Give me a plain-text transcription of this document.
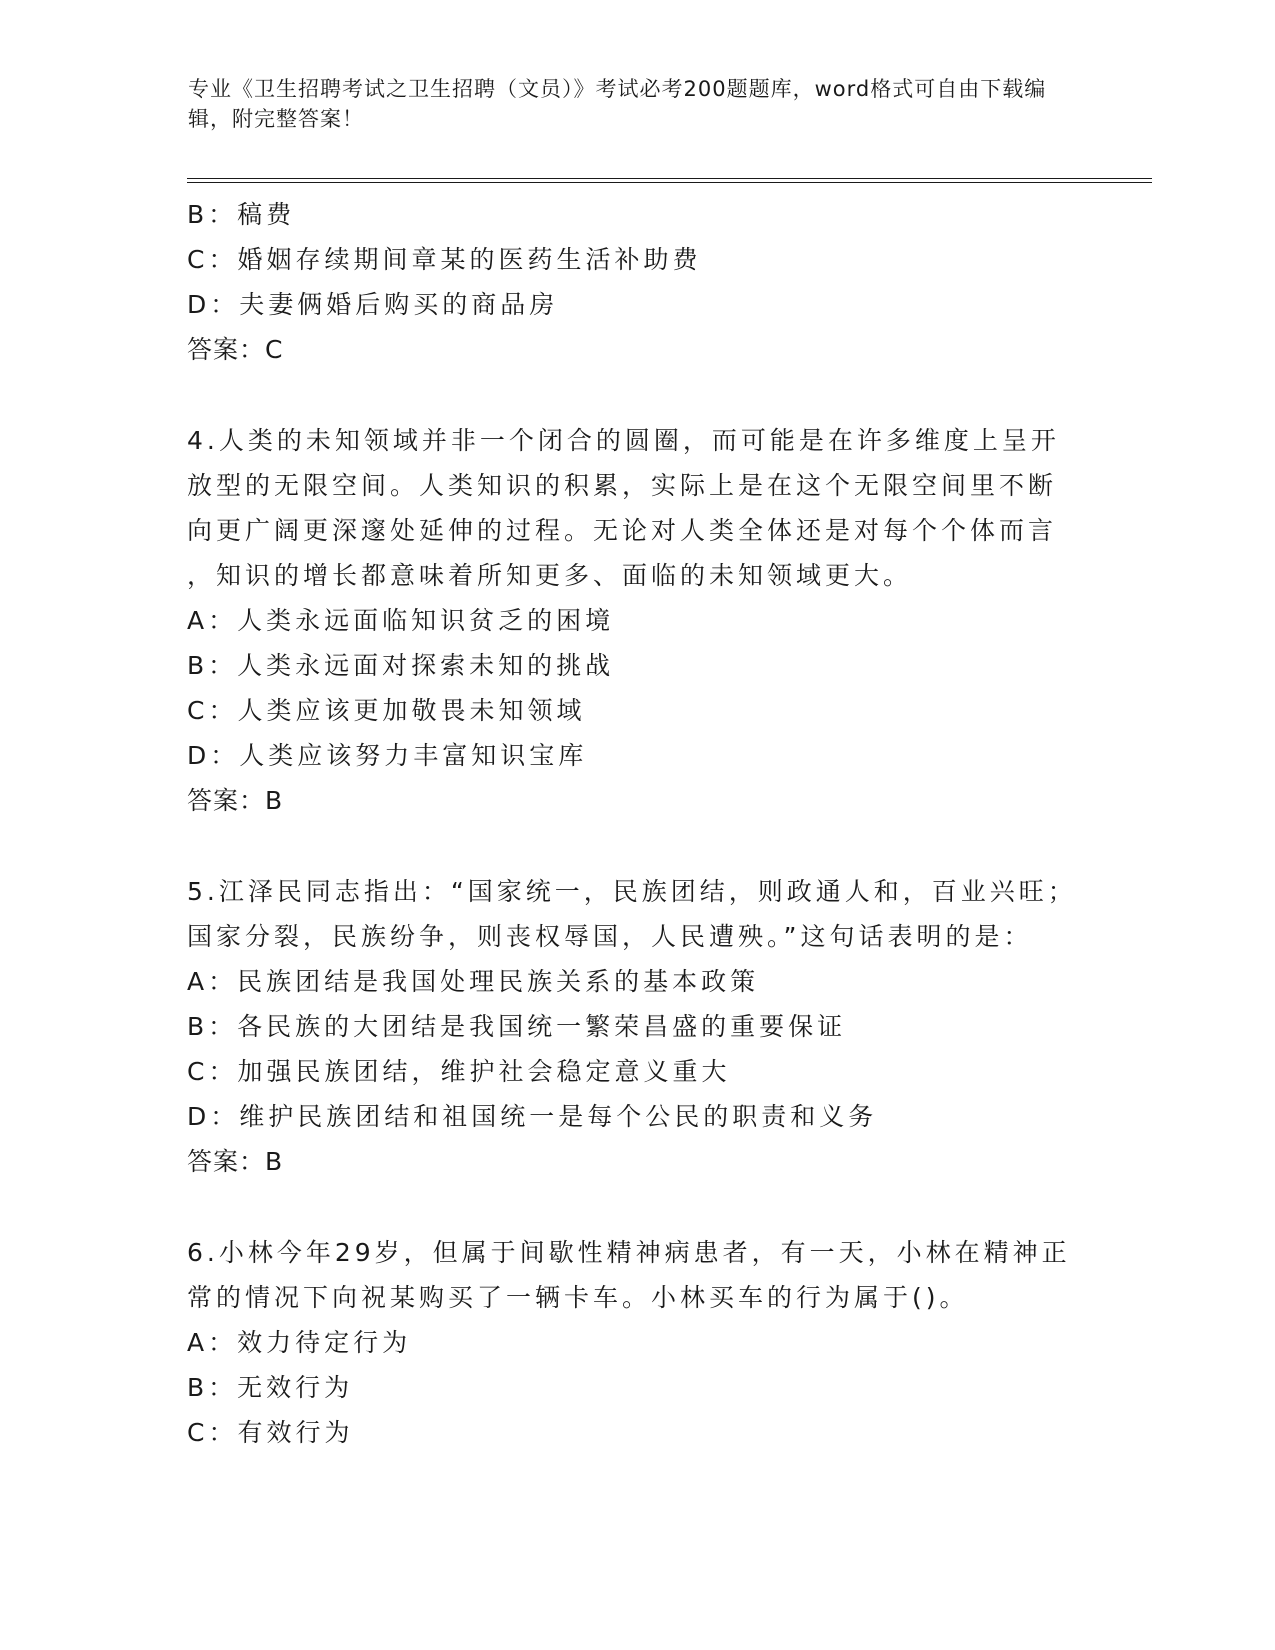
专业《卫生招聘考试之卫生招聘（文员）》考试必考200题题库，word格式可自由下载编辑，附完整答案！
B：稿费
C：婚姻存续期间章某的医药生活补助费
D：夫妻俩婚后购买的商品房
答案：C
4.人类的未知领域并非一个闭合的圆圈，而可能是在许多维度上呈开
放型的无限空间。人类知识的积累，实际上是在这个无限空间里不断
向更广阔更深邃处延伸的过程。无论对人类全体还是对每个个体而言
，知识的增长都意味着所知更多、面临的未知领域更大。
A：人类永远面临知识贫乏的困境
B：人类永远面对探索未知的挑战
C：人类应该更加敬畏未知领域
D：人类应该努力丰富知识宝库
答案：B
5.江泽民同志指出：“国家统一，民族团结，则政通人和，百业兴旺；
国家分裂，民族纷争，则丧权辱国，人民遭殃。”这句话表明的是：
A：民族团结是我国处理民族关系的基本政策
B：各民族的大团结是我国统一繁荣昌盛的重要保证
C：加强民族团结，维护社会稳定意义重大
D：维护民族团结和祖国统一是每个公民的职责和义务
答案：B
6.小林今年29岁，但属于间歇性精神病患者，有一天，小林在精神正
常的情况下向祝某购买了一辆卡车。小林买车的行为属于()。
A：效力待定行为
B：无效行为
C：有效行为
